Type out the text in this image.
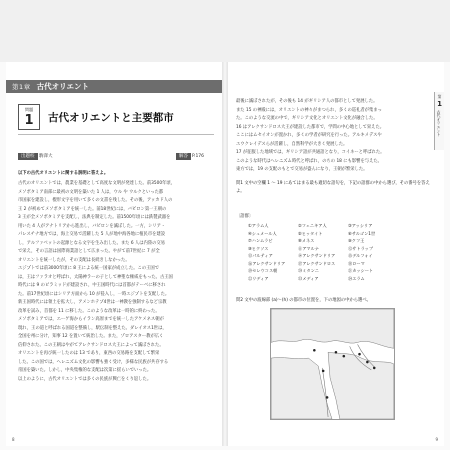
第1章 古代オリエント
問題
1	古代オリエントと主要都市
出題校	駒澤大	解答 P.176
以下の古代オリエントに関する説明に答えよ。
古代のオリエントでは，農業を基礎として高度な文明が発達した。前3500年頃，
メソポタミア南部に最初の文明を築いた 1 人は，ウル や ウルクといった都
市国家を建設し，楔形文字を用いて多くの文書を残した。その後，アッカド人の
王 2 が初めてメソポタミアを統一した。前18世紀には，バビロン第一王朝の
3 王が全メソポタミアを支配し，法典を制定した。前1500年頃には鉄製武器を
用いた 4 人がアナトリアから進出し，バビロンを滅ぼした。一方，シリア・
パレスチナ地方では，海上交易で活躍した 5 人が地中海各地に植民市を建設
し，アルファベットの起源となる文字を生み出した。また 6 人は内陸の交易
で栄え，その言語は国際商業語として広まった。やがて前7世紀に 7 が全
オリエントを統一したが，その支配は長続きしなかった。
エジプトでは前3000年頃に 8 王による統一国家が成立した。この王国で
は，王はファラオと呼ばれ，太陽神ラーの子として神聖な権威をもった。古王国
時代には 9 のピラミッドが建設され，中王国時代には首都がテーベに移され
た。前17世紀頃にはシリア方面から 10 が侵入し，一時エジプトを支配した。
新王国時代には領土を拡大し，アメンホテプ4世は一神教を強制するなど宗教
改革を試み，首都を 11 に移した。このような改革は一時的に終わった。
メソポタミアでは，エーゲ海からイラン高原までを統一したアケメネス朝が
現れ，王の道と呼ばれる国道を整備し，駅伝制を整えた。ダレイオス1世は，
全国を州に分け，知事 12 を置いて統治した。また，ゾロアスター教が広く
信仰された。この王朝はやがてアレクサンドロス大王によって滅ぼされた。
オリエントを再び統一したのは 13 であり，東西の交易路を支配して繁栄
した。この国では，ヘレニズム文化の影響も強く受け，多様な民族が共存する
帝国を築いた。しかし，中央集権的な支配は次第に揺らいでいった。
以上のように，古代オリエントでは多くの民族が興亡をくり返した。
8
第
1
古代オリエント
最後に滅ぼされたが，その後も 14 がギリシア人の都市として発展した。
また 15 の神殿には，オリエントの神々がまつられ，多くの巡礼者が集まっ
た。このような交流の中で，ギリシア文化とオリエント文化が融合した。
16 はアレクサンドロス大王が建設した都市で，学問の中心地として栄えた。
ここにはムセイオンが置かれ，多くの学者が研究を行った。アルキメデスや
エウクレイデスらが活躍し，自然科学が大きく発展した。
17 が征服した地域では，ギリシア語が共通語となり，コイネーと呼ばれた。
このような時代はヘレニズム時代と呼ばれ，のちの 18 にも影響を与えた。
東方では，19 の支配のもとで交易が盛んになり，王朝が繁栄した。
問1 文中の空欄 1 ～ 19 にあてはまる最も適切な語句を，下記の語群の中から選び，その番号を答えよ。
〔語群〕
①アラム人	②フェニキア人	③アッシリア
④シュメール人	⑤ヒッタイト	⑥サルゴン1世
⑦ハンムラビ	⑧メネス	⑨クフ王
⑩ヒクソス	⑪アマルナ	⑫サトラップ
⑬パルティア	⑭アレクサンドリア	⑮デルフォイ
⑯アレクサンドリア	⑰アレクサンドロス	⑱ローマ
⑲セレウコス朝	⑳ミタンニ	㉑カッシート
㉒リディア	㉓メディア	㉔エラム
問2 文中の波線部 (a)～(h) の都市の位置を，下の地図の中から選べ。
9
